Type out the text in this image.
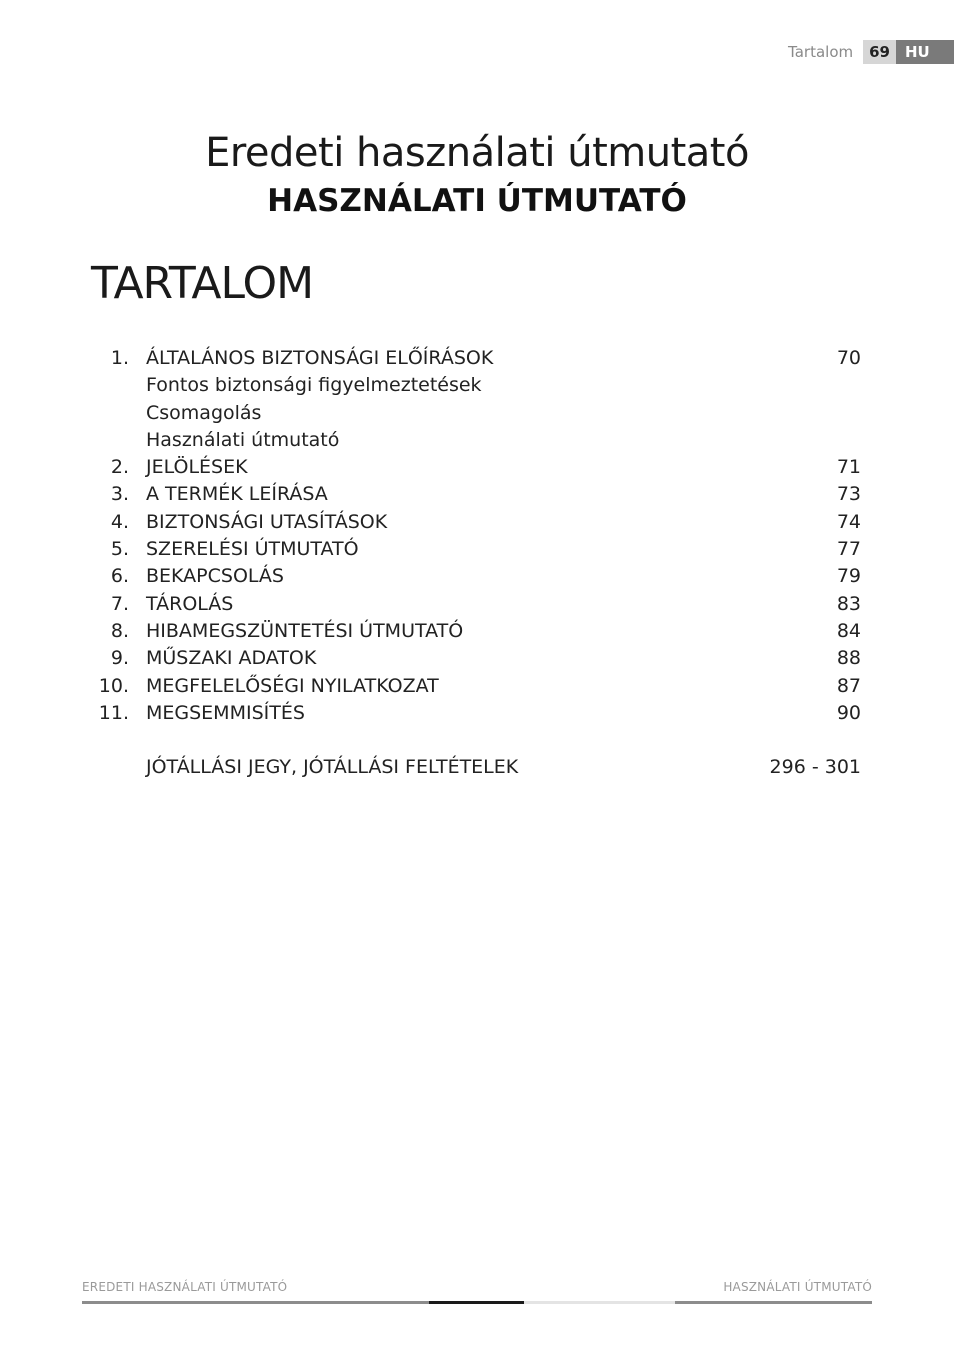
Tartalom	69	HU
Eredeti használati útmutató
HASZNÁLATI ÚTMUTATÓ
TARTALOM
1. ÁLTALÁNOS BIZTONSÁGI ELŐÍRÁSOK	70
Fontos biztonsági figyelmeztetések
Csomagolás
Használati útmutató
2. JELÖLÉSEK	71
3. A TERMÉK LEÍRÁSA	73
4. BIZTONSÁGI UTASÍTÁSOK	74
5. SZERELÉSI ÚTMUTATÓ	77
6. BEKAPCSOLÁS	79
7. TÁROLÁS	83
8. HIBAMEGSZÜNTETÉSI ÚTMUTATÓ	84
9. MŰSZAKI ADATOK	88
10. MEGFELELŐSÉGI NYILATKOZAT	87
11. MEGSEMMISÍTÉS	90
JÓTÁLLÁSI JEGY, JÓTÁLLÁSI FELTÉTELEK	296 - 301
EREDETI HASZNÁLATI ÚTMUTATÓ	HASZNÁLATI ÚTMUTATÓ
